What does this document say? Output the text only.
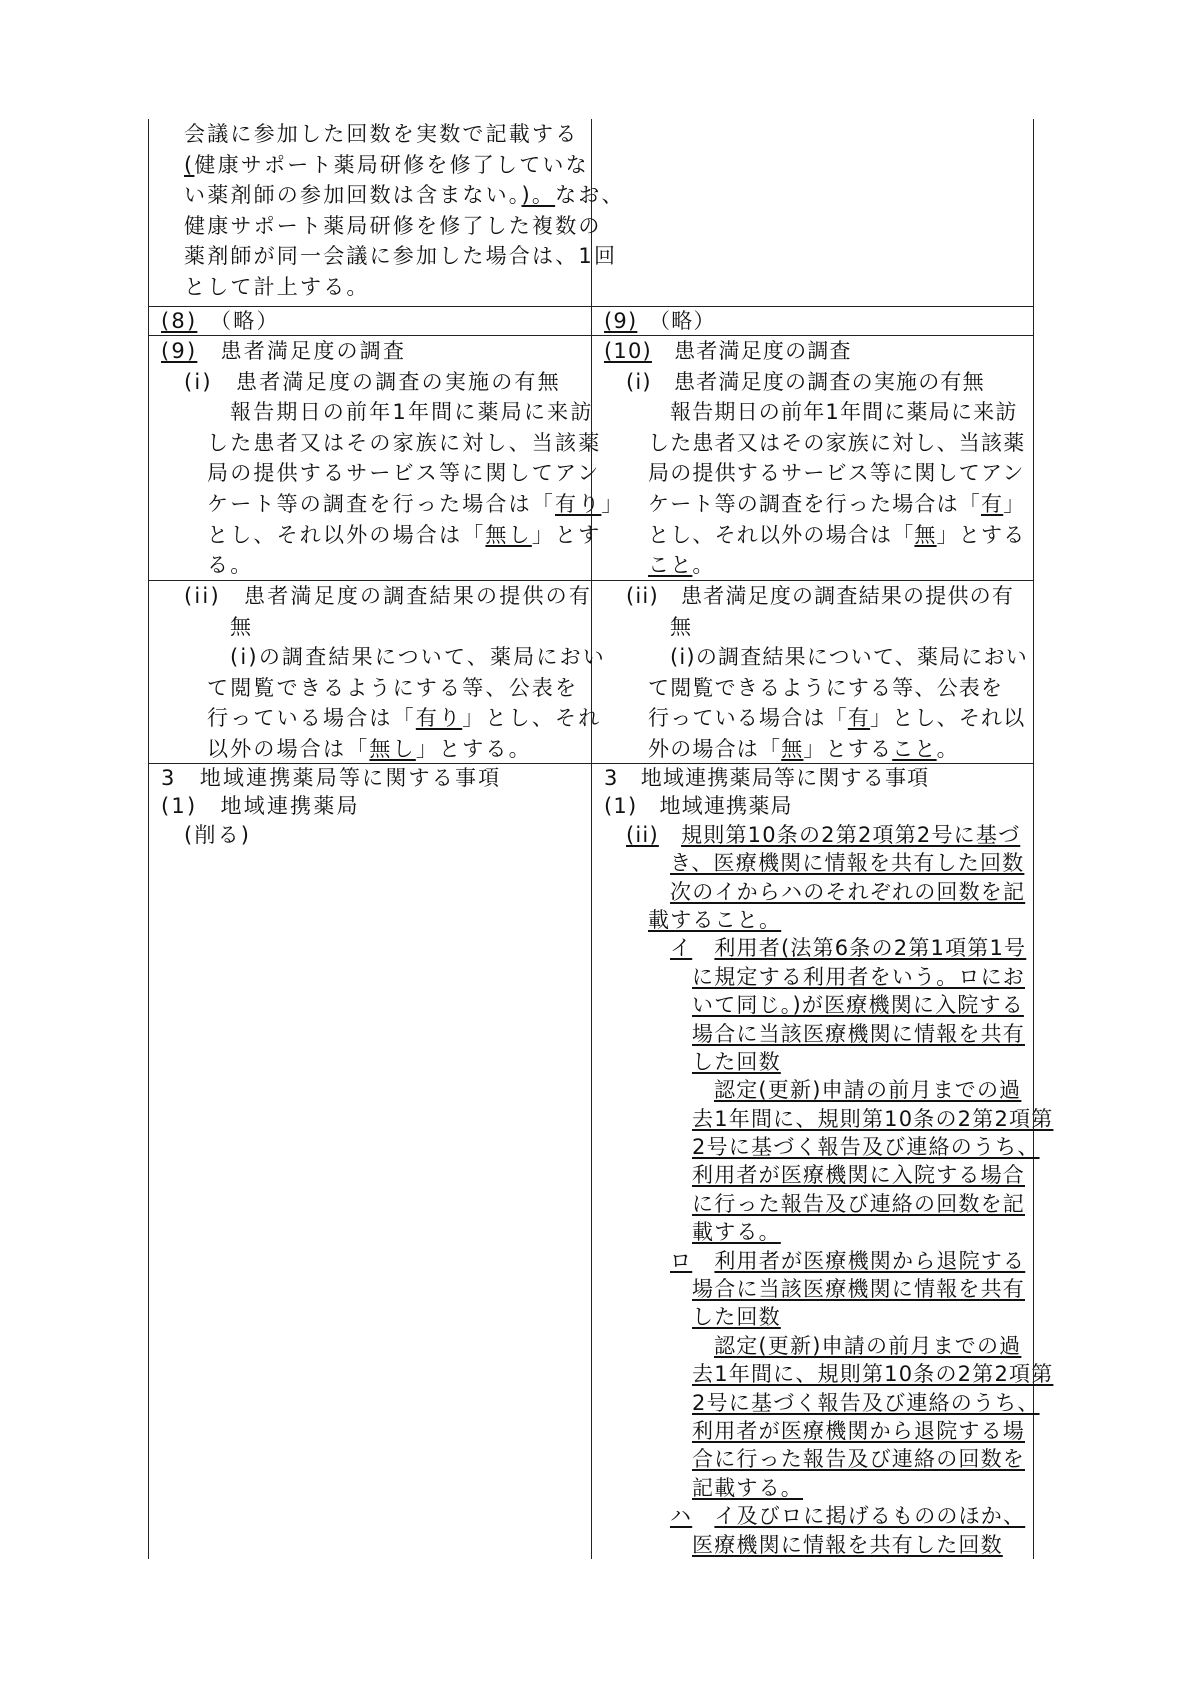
会議に参加した回数を実数で記載する
(健康サポート薬局研修を修了していな
い薬剤師の参加回数は含まない。)。なお、
健康サポート薬局研修を修了した複数の
薬剤師が同一会議に参加した場合は、1回
として計上する。
(8)　（略）	(9)　（略）
(9)　患者満足度の調査
(i)　患者満足度の調査の実施の有無
報告期日の前年1年間に薬局に来訪
した患者又はその家族に対し、当該薬
局の提供するサービス等に関してアン
ケート等の調査を行った場合は「有り」
とし、それ以外の場合は「無し」とす
る。
(10)　患者満足度の調査
(i)　患者満足度の調査の実施の有無
報告期日の前年1年間に薬局に来訪
した患者又はその家族に対し、当該薬
局の提供するサービス等に関してアン
ケート等の調査を行った場合は「有」
とし、それ以外の場合は「無」とする
こと。
(ii)　患者満足度の調査結果の提供の有
無
(i)の調査結果について、薬局におい
て閲覧できるようにする等、公表を
行っている場合は「有り」とし、それ
以外の場合は「無し」とする。
(ii)　患者満足度の調査結果の提供の有
無
(i)の調査結果について、薬局におい
て閲覧できるようにする等、公表を
行っている場合は「有」とし、それ以
外の場合は「無」とすること。
3　地域連携薬局等に関する事項
(1)　地域連携薬局
(削る)
3　地域連携薬局等に関する事項
(1)　地域連携薬局
(ii)　 規則第10条の2第2項第2号に基づ
き、医療機関に情報を共有した回数
次のイからハのそれぞれの回数を記
載すること。
イ　 利用者(法第6条の2第1項第1号
に規定する利用者をいう。ロにお
いて同じ。)が医療機関に入院する
場合に当該医療機関に情報を共有
した回数
認定(更新)申請の前月までの過
去1年間に、規則第10条の2第2項第
2号に基づく報告及び連絡のうち、
利用者が医療機関に入院する場合
に行った報告及び連絡の回数を記
載する。
ロ　 利用者が医療機関から退院する
場合に当該医療機関に情報を共有
した回数
認定(更新)申請の前月までの過
去1年間に、規則第10条の2第2項第
2号に基づく報告及び連絡のうち、
利用者が医療機関から退院する場
合に行った報告及び連絡の回数を
記載する。
ハ　 イ及びロに掲げるもののほか、
医療機関に情報を共有した回数
